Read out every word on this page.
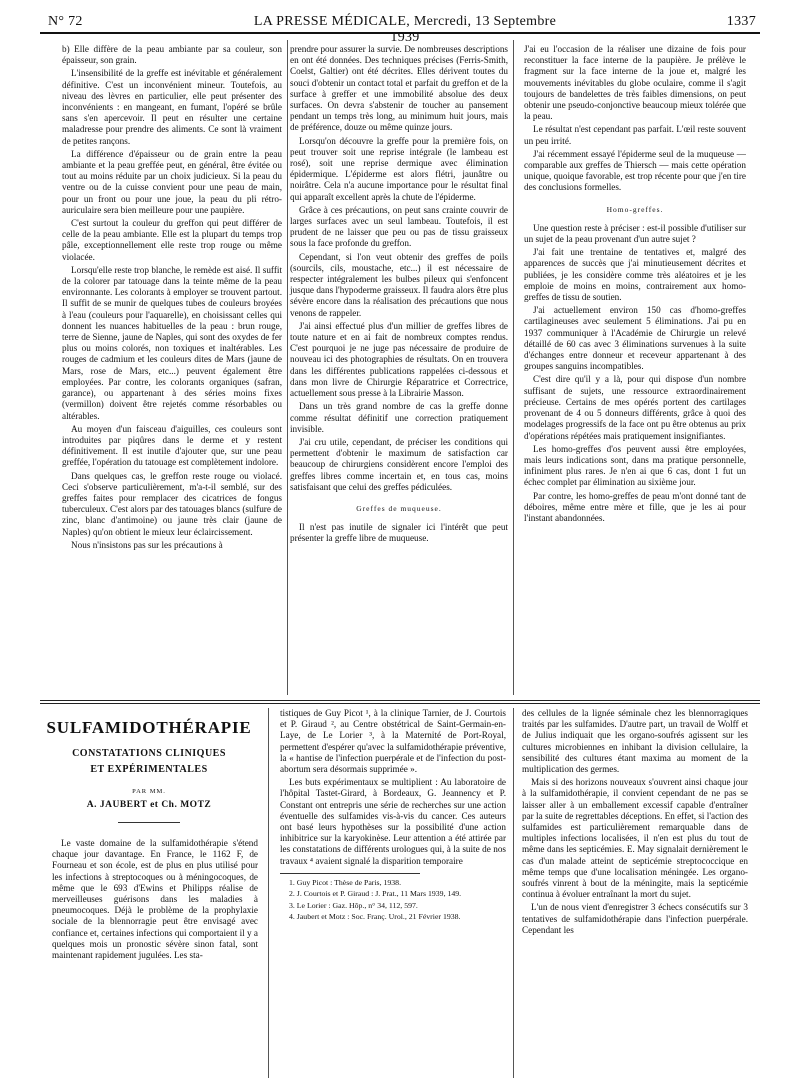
N° 72	LA PRESSE MÉDICALE, Mercredi, 13 Septembre 1939
1337

b) Elle diffère de la peau ambiante par sa couleur, son épaisseur, son grain.

L'insensibilité de la greffe est inévitable et généralement définitive. C'est un inconvénient mineur. Toutefois, au niveau des lèvres en particulier, elle peut présenter des inconvénients : en mangeant, en fumant, l'opéré se brûle sans s'en apercevoir. Il peut en résulter une certaine maladresse pour prendre des aliments. Ce sont là vraiment de petites rançons.

La différence d'épaisseur ou de grain entre la peau ambiante et la peau greffée peut, en général, être évitée ou tout au moins réduite par un choix judicieux. Si la peau du ventre ou de la cuisse convient pour une peau de main, pour un front ou pour une joue, la peau du pli rétro-auriculaire sera bien meilleure pour une paupière.

C'est surtout la couleur du greffon qui peut différer de celle de la peau ambiante. Elle est la plupart du temps trop pâle, exceptionnellement elle reste trop rouge ou même violacée.

Lorsqu'elle reste trop blanche, le remède est aisé. Il suffit de la colorer par tatouage dans la teinte même de la peau environnante. Les colorants à employer se trouvent partout. Il suffit de se munir de quelques tubes de couleurs broyées à l'eau (couleurs pour l'aquarelle), en choisissant celles qui donnent les nuances habituelles de la peau : brun rouge, terre de Sienne, jaune de Naples, qui sont des oxydes de fer plus ou moins colorés, non toxiques et inaltérables. Les rouges de cadmium et les couleurs dites de Mars (jaune de Mars, rose de Mars, etc...) peuvent également être employées. Par contre, les colorants organiques (safran, garance), ou appartenant à des séries moins fixes (vermillon) doivent être rejetés comme résorbables ou altérables.

Au moyen d'un faisceau d'aiguilles, ces couleurs sont introduites par piqûres dans le derme et y restent définitivement. Il est inutile d'ajouter que, sur une peau greffée, l'opération du tatouage est complètement indolore.

Dans quelques cas, le greffon reste rouge ou violacé. Ceci s'observe particulièrement, m'a-t-il semblé, sur des greffes faites pour remplacer des cicatrices de fongus tuberculeux. C'est alors par des tatouages blancs (sulfure de zinc, blanc d'antimoine) ou jaune très clair (jaune de Naples) qu'on obtient le mieux leur éclaircissement.

Nous n'insistons pas sur les précautions à

prendre pour assurer la survie. De nombreuses descriptions en ont été données. Des techniques précises (Ferris-Smith, Coelst, Galtier) ont été décrites. Elles dérivent toutes du souci d'obtenir un contact total et parfait du greffon et de la surface à greffer et une immobilité absolue des deux surfaces. On devra s'abstenir de toucher au pansement pendant un temps très long, au minimum huit jours, mais de préférence, douze ou même quinze jours.

Lorsqu'on découvre la greffe pour la première fois, on peut trouver soit une reprise intégrale (le lambeau est rosé), soit une reprise dermique avec élimination épidermique. L'épiderme est alors flétri, jaunâtre ou noirâtre. Cela n'a aucune importance pour le résultat final qui apparaît excellent après la chute de l'épiderme.

Grâce à ces précautions, on peut sans crainte couvrir de larges surfaces avec un seul lambeau. Toutefois, il est prudent de ne laisser que peu ou pas de tissu graisseux sous la face profonde du greffon.

Cependant, si l'on veut obtenir des greffes de poils (sourcils, cils, moustache, etc...) il est nécessaire de respecter intégralement les bulbes pileux qui s'enfoncent jusque dans l'hypoderme graisseux. Il faudra alors être plus sévère encore dans la réalisation des précautions que nous venons de rappeler.

J'ai ainsi effectué plus d'un millier de greffes libres de toute nature et en ai fait de nombreux comptes rendus. C'est pourquoi je ne juge pas nécessaire de produire de nouveau ici des photographies de résultats. On en trouvera dans les différentes publications rappelées ci-dessous et dans mon livre de Chirurgie Réparatrice et Correctrice, actuellement sous presse à la Librairie Masson.

Dans un très grand nombre de cas la greffe donne comme résultat définitif une correction pratiquement invisible.

J'ai cru utile, cependant, de préciser les conditions qui permettent d'obtenir le maximum de satisfaction car beaucoup de chirurgiens considèrent encore l'emploi des greffes libres comme incertain et, en tous cas, moins satisfaisant que celui des greffes pédiculées.

Greffes de muqueuse.

Il n'est pas inutile de signaler ici l'intérêt que peut présenter la greffe libre de muqueuse.

J'ai eu l'occasion de la réaliser une dizaine de fois pour reconstituer la face interne de la paupière. Je prélève le fragment sur la face interne de la joue et, malgré les mouvements inévitables du globe oculaire, comme il s'agit toujours de bandelettes de très faibles dimensions, on peut obtenir une pseudo-conjonctive beaucoup mieux tolérée que la peau.

Le résultat n'est cependant pas parfait. L'œil reste souvent un peu irrité.

J'ai récemment essayé l'épiderme seul de la muqueuse — comparable aux greffes de Thiersch — mais cette opération unique, quoique favorable, est trop récente pour que j'en tire des conclusions formelles.

Homo-greffes.

Une question reste à préciser : est-il possible d'utiliser sur un sujet de la peau provenant d'un autre sujet ?

J'ai fait une trentaine de tentatives et, malgré des apparences de succès que j'ai minutieusement décrites et publiées, je les considère comme très aléatoires et je les emploie de moins en moins, contrairement aux homo-greffes de tissu de soutien.

J'ai actuellement environ 150 cas d'homo-greffes cartilagineuses avec seulement 5 éliminations. J'ai pu en 1937 communiquer à l'Académie de Chirurgie un relevé détaillé de 60 cas avec 3 éliminations survenues à la suite d'échanges entre donneur et receveur appartenant à des groupes sanguins incompatibles.

C'est dire qu'il y a là, pour qui dispose d'un nombre suffisant de sujets, une ressource extraordinairement précieuse. Certains de mes opérés portent des cartilages provenant de 4 ou 5 donneurs différents, grâce à quoi des modelages progressifs de la face ont pu être obtenus au prix d'opérations répétées mais pratiquement insignifiantes.

Les homo-greffes d'os peuvent aussi être employées, mais leurs indications sont, dans ma pratique personnelle, infiniment plus rares. Je n'en ai que 6 cas, dont 1 fut un échec complet par élimination au sixième jour.

Par contre, les homo-greffes de peau m'ont donné tant de déboires, même entre mère et fille, que je les ai pour l'instant abandonnées.

SULFAMIDOTHÉRAPIE
CONSTATATIONS CLINIQUES
ET EXPÉRIMENTALES
PAR MM.
A. JAUBERT et Ch. MOTZ

Le vaste domaine de la sulfamidothérapie s'étend chaque jour davantage. En France, le 1162 F, de Fourneau et son école, est de plus en plus utilisé pour les infections à streptocoques ou à méningocoques, de même que le 693 d'Ewins et Philipps réalise de merveilleuses guérisons dans les maladies à pneumocoques. Déjà le problème de la prophylaxie sociale de la blennorragie peut être envisagé avec confiance et, certaines infections qui comportaient il y a quelques mois un pronostic sévère sinon fatal, sont maintenant rapidement jugulées. Les sta-

tistiques de Guy Picot ¹, à la clinique Tarnier, de J. Courtois et P. Giraud ², au Centre obstétrical de Saint-Germain-en-Laye, de Le Lorier ³, à la Maternité de Port-Royal, permettent d'espérer qu'avec la sulfamidothérapie préventive, la « hantise de l'infection puerpérale et de l'infection du post-abortum sera désormais supprimée ».

Les buts expérimentaux se multiplient : Au laboratoire de l'hôpital Tastet-Girard, à Bordeaux, G. Jeannency et P. Constant ont entrepris une série de recherches sur une action éventuelle des sulfamides vis-à-vis du cancer. Ces auteurs ont basé leurs hypothèses sur la possibilité d'une action inhibitrice sur la karyokinèse. Leur attention a été attirée par les constatations de différents urologues qui, à la suite de nos travaux ⁴ avaient signalé la disparition temporaire

1. Guy Picot : Thèse de Paris, 1938.

2. J. Courtois et P. Giraud : J. Prat., 11 Mars 1939, 149.

3. Le Lorier : Gaz. Hôp., n° 34, 112, 597.

4. Jaubert et Motz : Soc. Franç. Urol., 21 Février 1938.

des cellules de la lignée séminale chez les blennorragiques traités par les sulfamides. D'autre part, un travail de Wolff et de Julius indiquait que les organo-soufrés agissent sur les cultures microbiennes en inhibant la division cellulaire, la sensibilité des cultures étant maxima au moment de la multiplication des germes.

Mais si des horizons nouveaux s'ouvrent ainsi chaque jour à la sulfamidothérapie, il convient cependant de ne pas se laisser aller à un emballement excessif capable d'entraîner par la suite de regrettables déceptions. En effet, si l'action des sulfamides est particulièrement remarquable dans de multiples infections localisées, il n'en est plus du tout de même dans les septicémies. E. May signalait dernièrement le cas d'un malade atteint de septicémie streptococcique en même temps que d'une localisation méningée. Les organo-soufrés vinrent à bout de la méningite, mais la septicémie continua à évoluer entraînant la mort du sujet.

L'un de nous vient d'enregistrer 3 échecs consécutifs sur 3 tentatives de sulfamidothérapie dans l'infection puerpérale. Cependant les
